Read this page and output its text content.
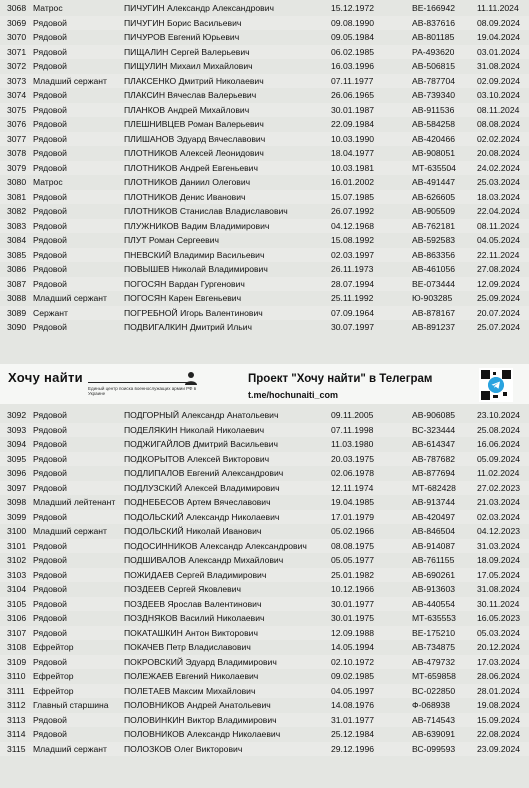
3068 Матрос	ПИЧУГИН Александр Александрович	15.12.1972	ВЕ-166942	11.11.2024
3069 Рядовой	ПИЧУГИН Борис Васильевич	09.08.1990	АВ-837616	08.09.2024
3070 Рядовой	ПИЧУРОВ Евгений Юрьевич	09.05.1984	АВ-801185	19.04.2024
3071 Рядовой	ПИЩАЛИН Сергей Валерьевич	06.02.1985	РА-493620	03.01.2024
3072 Рядовой	ПИЩУЛИН Михаил Михайлович	16.03.1996	АВ-506815	31.08.2024
3073 Младший сержант	ПЛАКСЕНКО Дмитрий Николаевич	07.11.1977	АВ-787704	02.09.2024
3074 Рядовой	ПЛАКСИН Вячеслав Валерьевич	26.06.1965	АВ-739340	03.10.2024
3075 Рядовой	ПЛАНКОВ Андрей Михайлович	30.01.1987	АВ-911536	08.11.2024
3076 Рядовой	ПЛЕШНИВЦЕВ Роман Валерьевич	22.09.1984	АВ-584258	08.08.2024
3077 Рядовой	ПЛИШАНОВ Эдуард Вячеславович	10.03.1990	АВ-420466	02.02.2024
3078 Рядовой	ПЛОТНИКОВ Алексей Леонидович	18.04.1977	АВ-908051	20.08.2024
3079 Рядовой	ПЛОТНИКОВ Андрей Евгеньевич	10.03.1981	МТ-635504	24.02.2024
3080 Матрос	ПЛОТНИКОВ Даниил Олегович	16.01.2002	АВ-491447	25.03.2024
3081 Рядовой	ПЛОТНИКОВ Денис Иванович	15.07.1985	АВ-626605	18.03.2024
3082 Рядовой	ПЛОТНИКОВ Станислав Владиславович	26.07.1992	АВ-905509	22.04.2024
3083 Рядовой	ПЛУЖНИКОВ Вадим Владимирович	04.12.1968	АВ-762181	08.11.2024
3084 Рядовой	ПЛУТ Роман Сергеевич	15.08.1992	АВ-592583	04.05.2024
3085 Рядовой	ПНЕВСКИЙ Владимир Васильевич	02.03.1997	АВ-863356	22.11.2024
3086 Рядовой	ПОВЫШЕВ Николай Владимирович	26.11.1973	АВ-461056	27.08.2024
3087 Рядовой	ПОГОСЯН Вардан Гургенович	28.07.1994	ВЕ-073444	12.09.2024
3088 Младший сержант	ПОГОСЯН Карен Евгеньевич	25.11.1992	Ю-903285	25.09.2024
3089 Сержант	ПОГРЕБНОЙ Игорь Валентинович	07.09.1964	АВ-878167	20.07.2024
3090 Рядовой	ПОДВИГАЛКИН Дмитрий Ильич	30.07.1997	АВ-891237	25.07.2024
Хочу найти
Единый центр поиска военнослужащих армии РФ в Украине
Проект "Хочу найти" в Телеграм
t.me/hochunaiti_com
3092 Рядовой	ПОДГОРНЫЙ Александр Анатольевич	09.11.2005	АВ-906085	23.10.2024
3093 Рядовой	ПОДЕЛЯКИН Николай Николаевич	07.11.1998	ВС-323444	25.08.2024
3094 Рядовой	ПОДЖИГАЙЛОВ Дмитрий Васильевич	11.03.1980	АВ-614347	16.06.2024
3095 Рядовой	ПОДКОРЫТОВ Алексей Викторович	20.03.1975	АВ-787682	05.09.2024
3096 Рядовой	ПОДЛИПАЛОВ Евгений Александрович	02.06.1978	АВ-877694	11.02.2024
3097 Рядовой	ПОДЛУЗСКИЙ Алексей Владимирович	12.11.1974	МТ-682428	27.02.2023
3098 Младший лейтенант	ПОДНЕБЕСОВ Артем Вячеславович	19.04.1985	АВ-913744	21.03.2024
3099 Рядовой	ПОДОЛЬСКИЙ Александр Николаевич	17.01.1979	АВ-420497	02.03.2024
3100 Младший сержант	ПОДОЛЬСКИЙ Николай Иванович	05.02.1966	АВ-846504	04.12.2023
3101 Рядовой	ПОДОСИННИКОВ Александр Александрович	08.08.1975	АВ-914087	31.03.2024
3102 Рядовой	ПОДШИВАЛОВ Александр Михайлович	05.05.1977	АВ-761155	18.09.2024
3103 Рядовой	ПОЖИДАЕВ Сергей Владимирович	25.01.1982	АВ-690261	17.05.2024
3104 Рядовой	ПОЗДЕЕВ Сергей Яковлевич	10.12.1966	АВ-913603	31.08.2024
3105 Рядовой	ПОЗДЕЕВ Ярослав Валентинович	30.01.1977	АВ-440554	30.11.2024
3106 Рядовой	ПОЗДНЯКОВ Василий Николаевич	30.01.1975	МТ-635553	16.05.2023
3107 Рядовой	ПОКАТАШКИН Антон Викторович	12.09.1988	ВЕ-175210	05.03.2024
3108 Ефрейтор	ПОКАЧЕВ Петр Владиславович	14.05.1994	АВ-734875	20.12.2024
3109 Рядовой	ПОКРОВСКИЙ Эдуард Владимирович	02.10.1972	АВ-479732	17.03.2024
3110 Ефрейтор	ПОЛЕЖАЕВ Евгений Николаевич	09.02.1985	МТ-659858	28.06.2024
3111 Ефрейтор	ПОЛЕТАЕВ Максим Михайлович	04.05.1997	ВС-022850	28.01.2024
3112 Главный старшина	ПОЛОВНИКОВ Андрей Анатольевич	14.08.1976	Ф-068938	19.08.2024
3113 Рядовой	ПОЛОВИНКИН Виктор Владимирович	31.01.1977	АВ-714543	15.09.2024
3114 Рядовой	ПОЛОВНИКОВ Александр Николаевич	25.12.1984	АВ-639091	22.08.2024
3115 Младший сержант	ПОЛОЗКОВ Олег Викторович	29.12.1996	ВС-099593	23.09.2024
